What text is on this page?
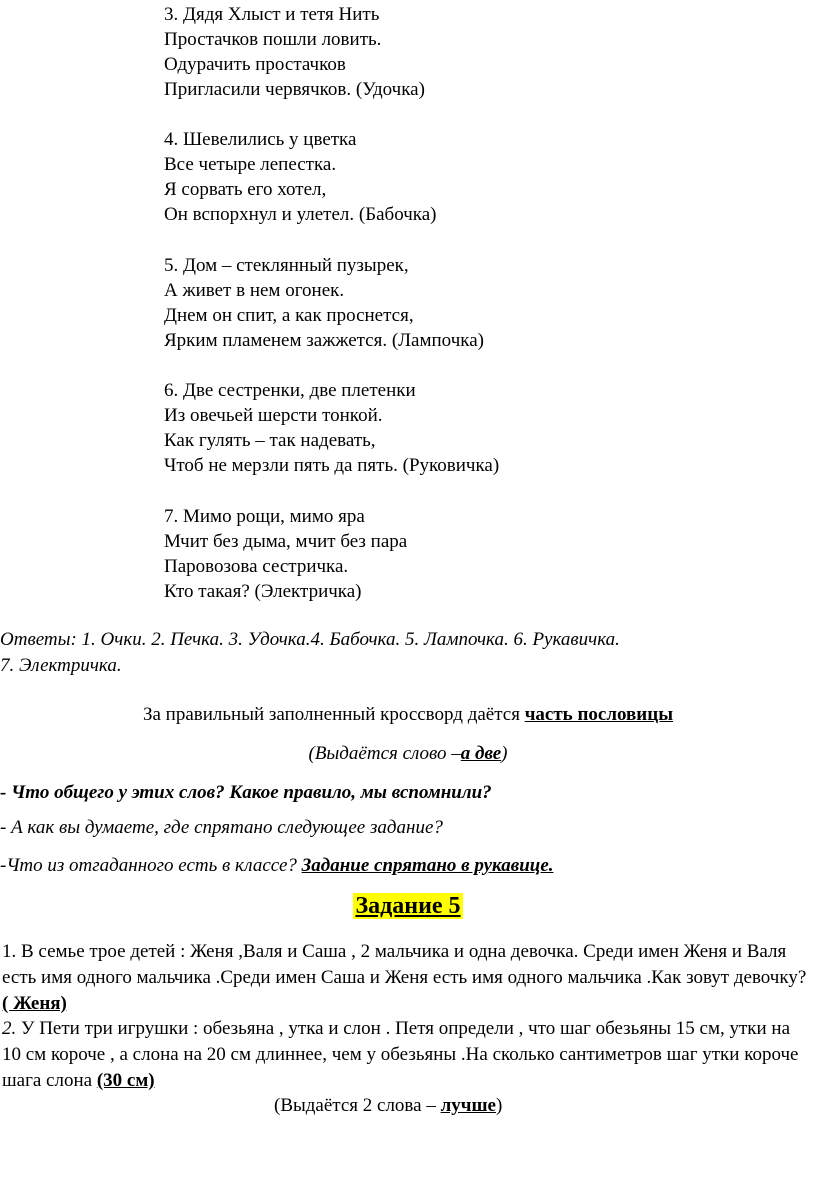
3. Дядя Хлыст и тетя Нить
Простачков пошли ловить.
Одурачить простачков
Пригласили червячков. (Удочка)
4. Шевелились у цветка
Все четыре лепестка.
Я сорвать его хотел,
Он вспорхнул и улетел. (Бабочка)
5. Дом – стеклянный пузырек,
А живет в нем огонек.
Днем он спит, а как проснется,
Ярким пламенем зажжется. (Лампочка)
6. Две сестренки, две плетенки
Из овечьей шерсти тонкой.
Как гулять – так надевать,
Чтоб не мерзли пять да пять. (Руковичка)
7. Мимо рощи, мимо яра
Мчит без дыма, мчит без пара
Паровозова сестричка.
Кто такая? (Электричка)
Ответы: 1. Очки. 2. Печка. 3. Удочка.4. Бабочка. 5. Лампочка. 6. Рукавичка.
7. Электричка.
За правильный заполненный кроссворд даётся часть пословицы
(Выдаётся слово –а две)
- Что общего у этих слов? Какое правило, мы вспомнили?
- А как вы думаете, где спрятано следующее задание?
-Что из отгаданного есть в классе? Задание спрятано в рукавице.
Задание 5
1. В семье трое детей : Женя ,Валя и Саша , 2 мальчика и одна девочка. Среди имен Женя и Валя есть имя одного мальчика .Среди имен Саша и Женя есть имя одного мальчика .Как зовут девочку? ( Женя)
2. У Пети три игрушки : обезьяна , утка и слон . Петя определи , что шаг обезьяны 15 см, утки на 10 см короче , а слона на 20 см длиннее, чем у обезьяны .На сколько сантиметров шаг утки короче шага слона (30 см)
(Выдаётся 2 слова – лучше)
